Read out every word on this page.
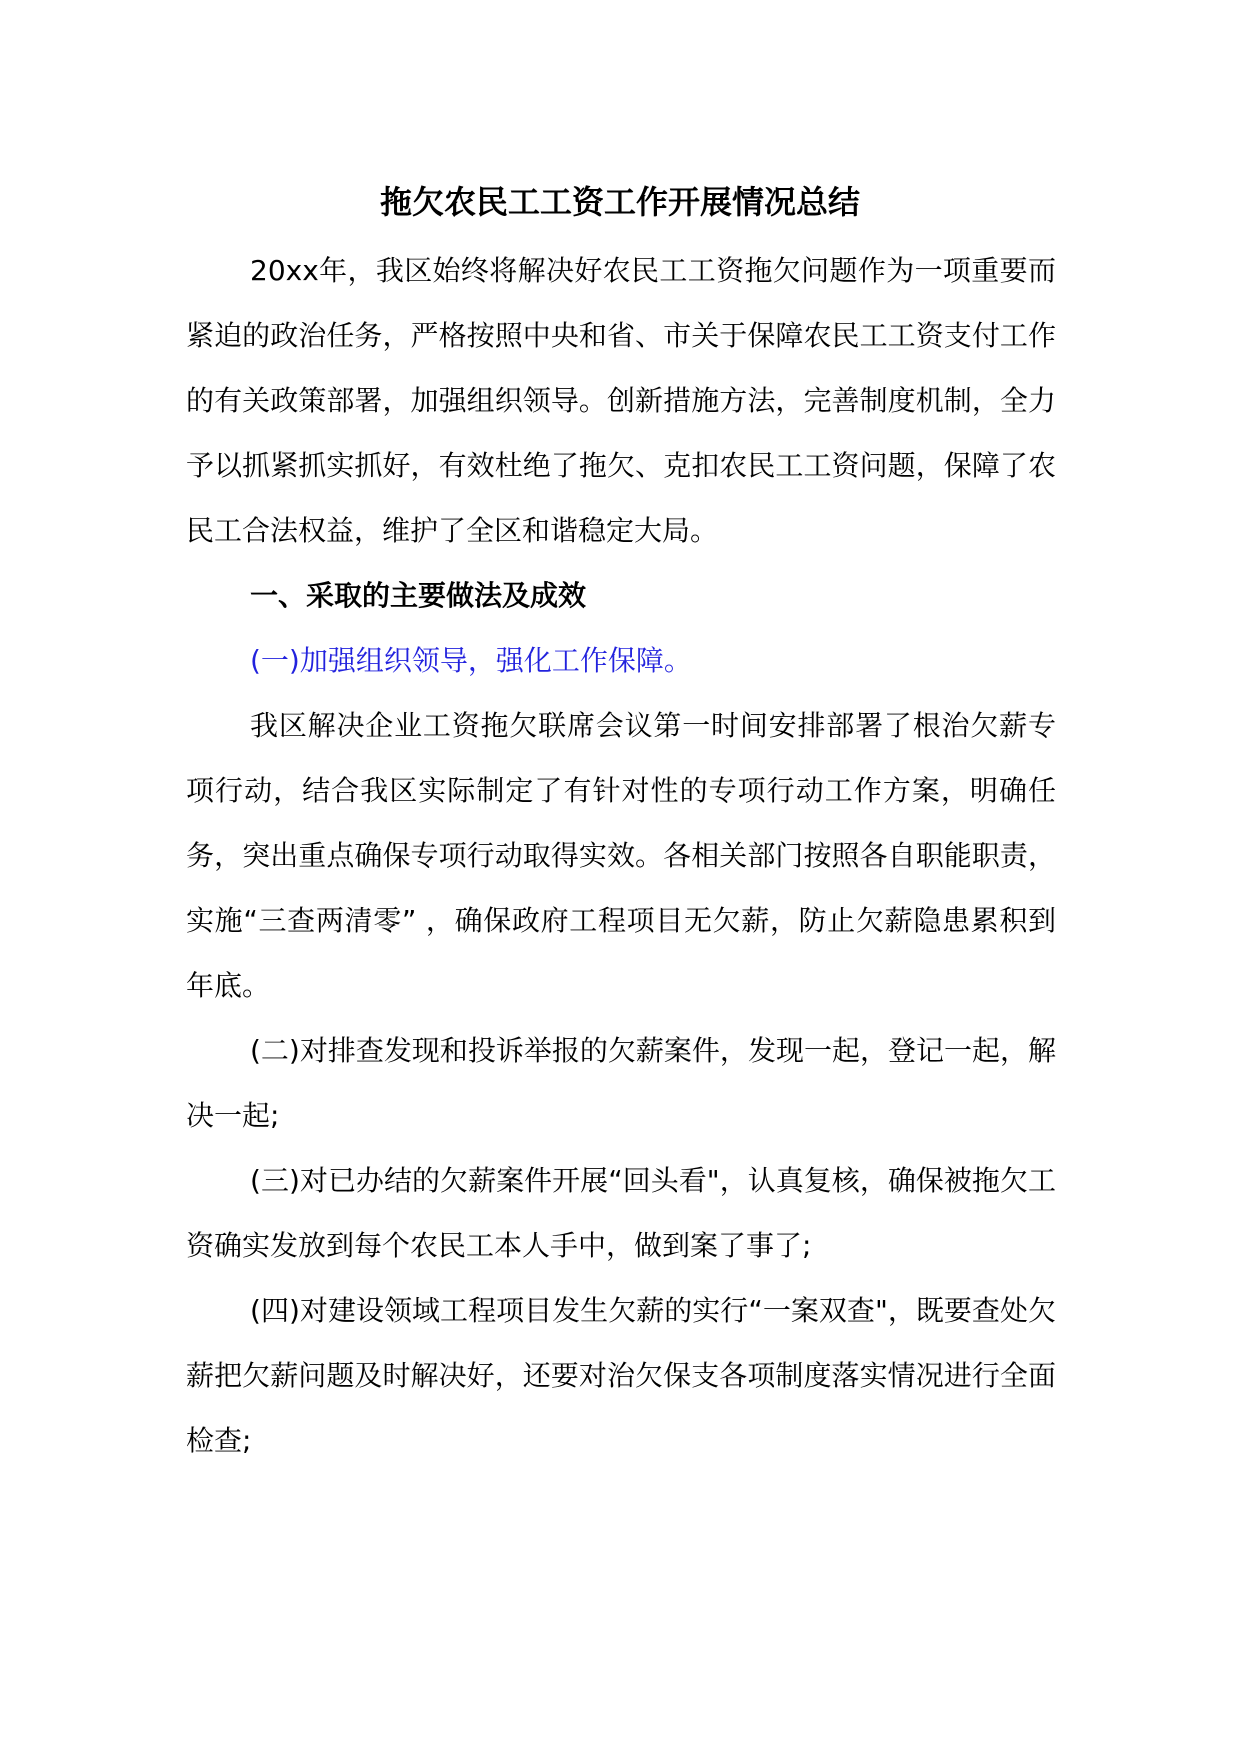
拖欠农民工工资工作开展情况总结

20xx年，我区始终将解决好农民工工资拖欠问题作为一项重要而紧迫的政治任务，严格按照中央和省、市关于保障农民工工资支付工作的有关政策部署，加强组织领导。创新措施方法，完善制度机制，全力予以抓紧抓实抓好，有效杜绝了拖欠、克扣农民工工资问题，保障了农民工合法权益，维护了全区和谐稳定大局。

一、采取的主要做法及成效

(一)加强组织领导，强化工作保障。

我区解决企业工资拖欠联席会议第一时间安排部署了根治欠薪专项行动，结合我区实际制定了有针对性的专项行动工作方案，明确任务，突出重点确保专项行动取得实效。各相关部门按照各自职能职责，实施“三查两清零” ，确保政府工程项目无欠薪，防止欠薪隐患累积到年底。

(二)对排查发现和投诉举报的欠薪案件，发现一起，登记一起，解决一起;

(三)对已办结的欠薪案件开展“回头看"，认真复核，确保被拖欠工资确实发放到每个农民工本人手中，做到案了事了;

(四)对建设领域工程项目发生欠薪的实行“一案双查"，既要查处欠薪把欠薪问题及时解决好，还要对治欠保支各项制度落实情况进行全面检查;
